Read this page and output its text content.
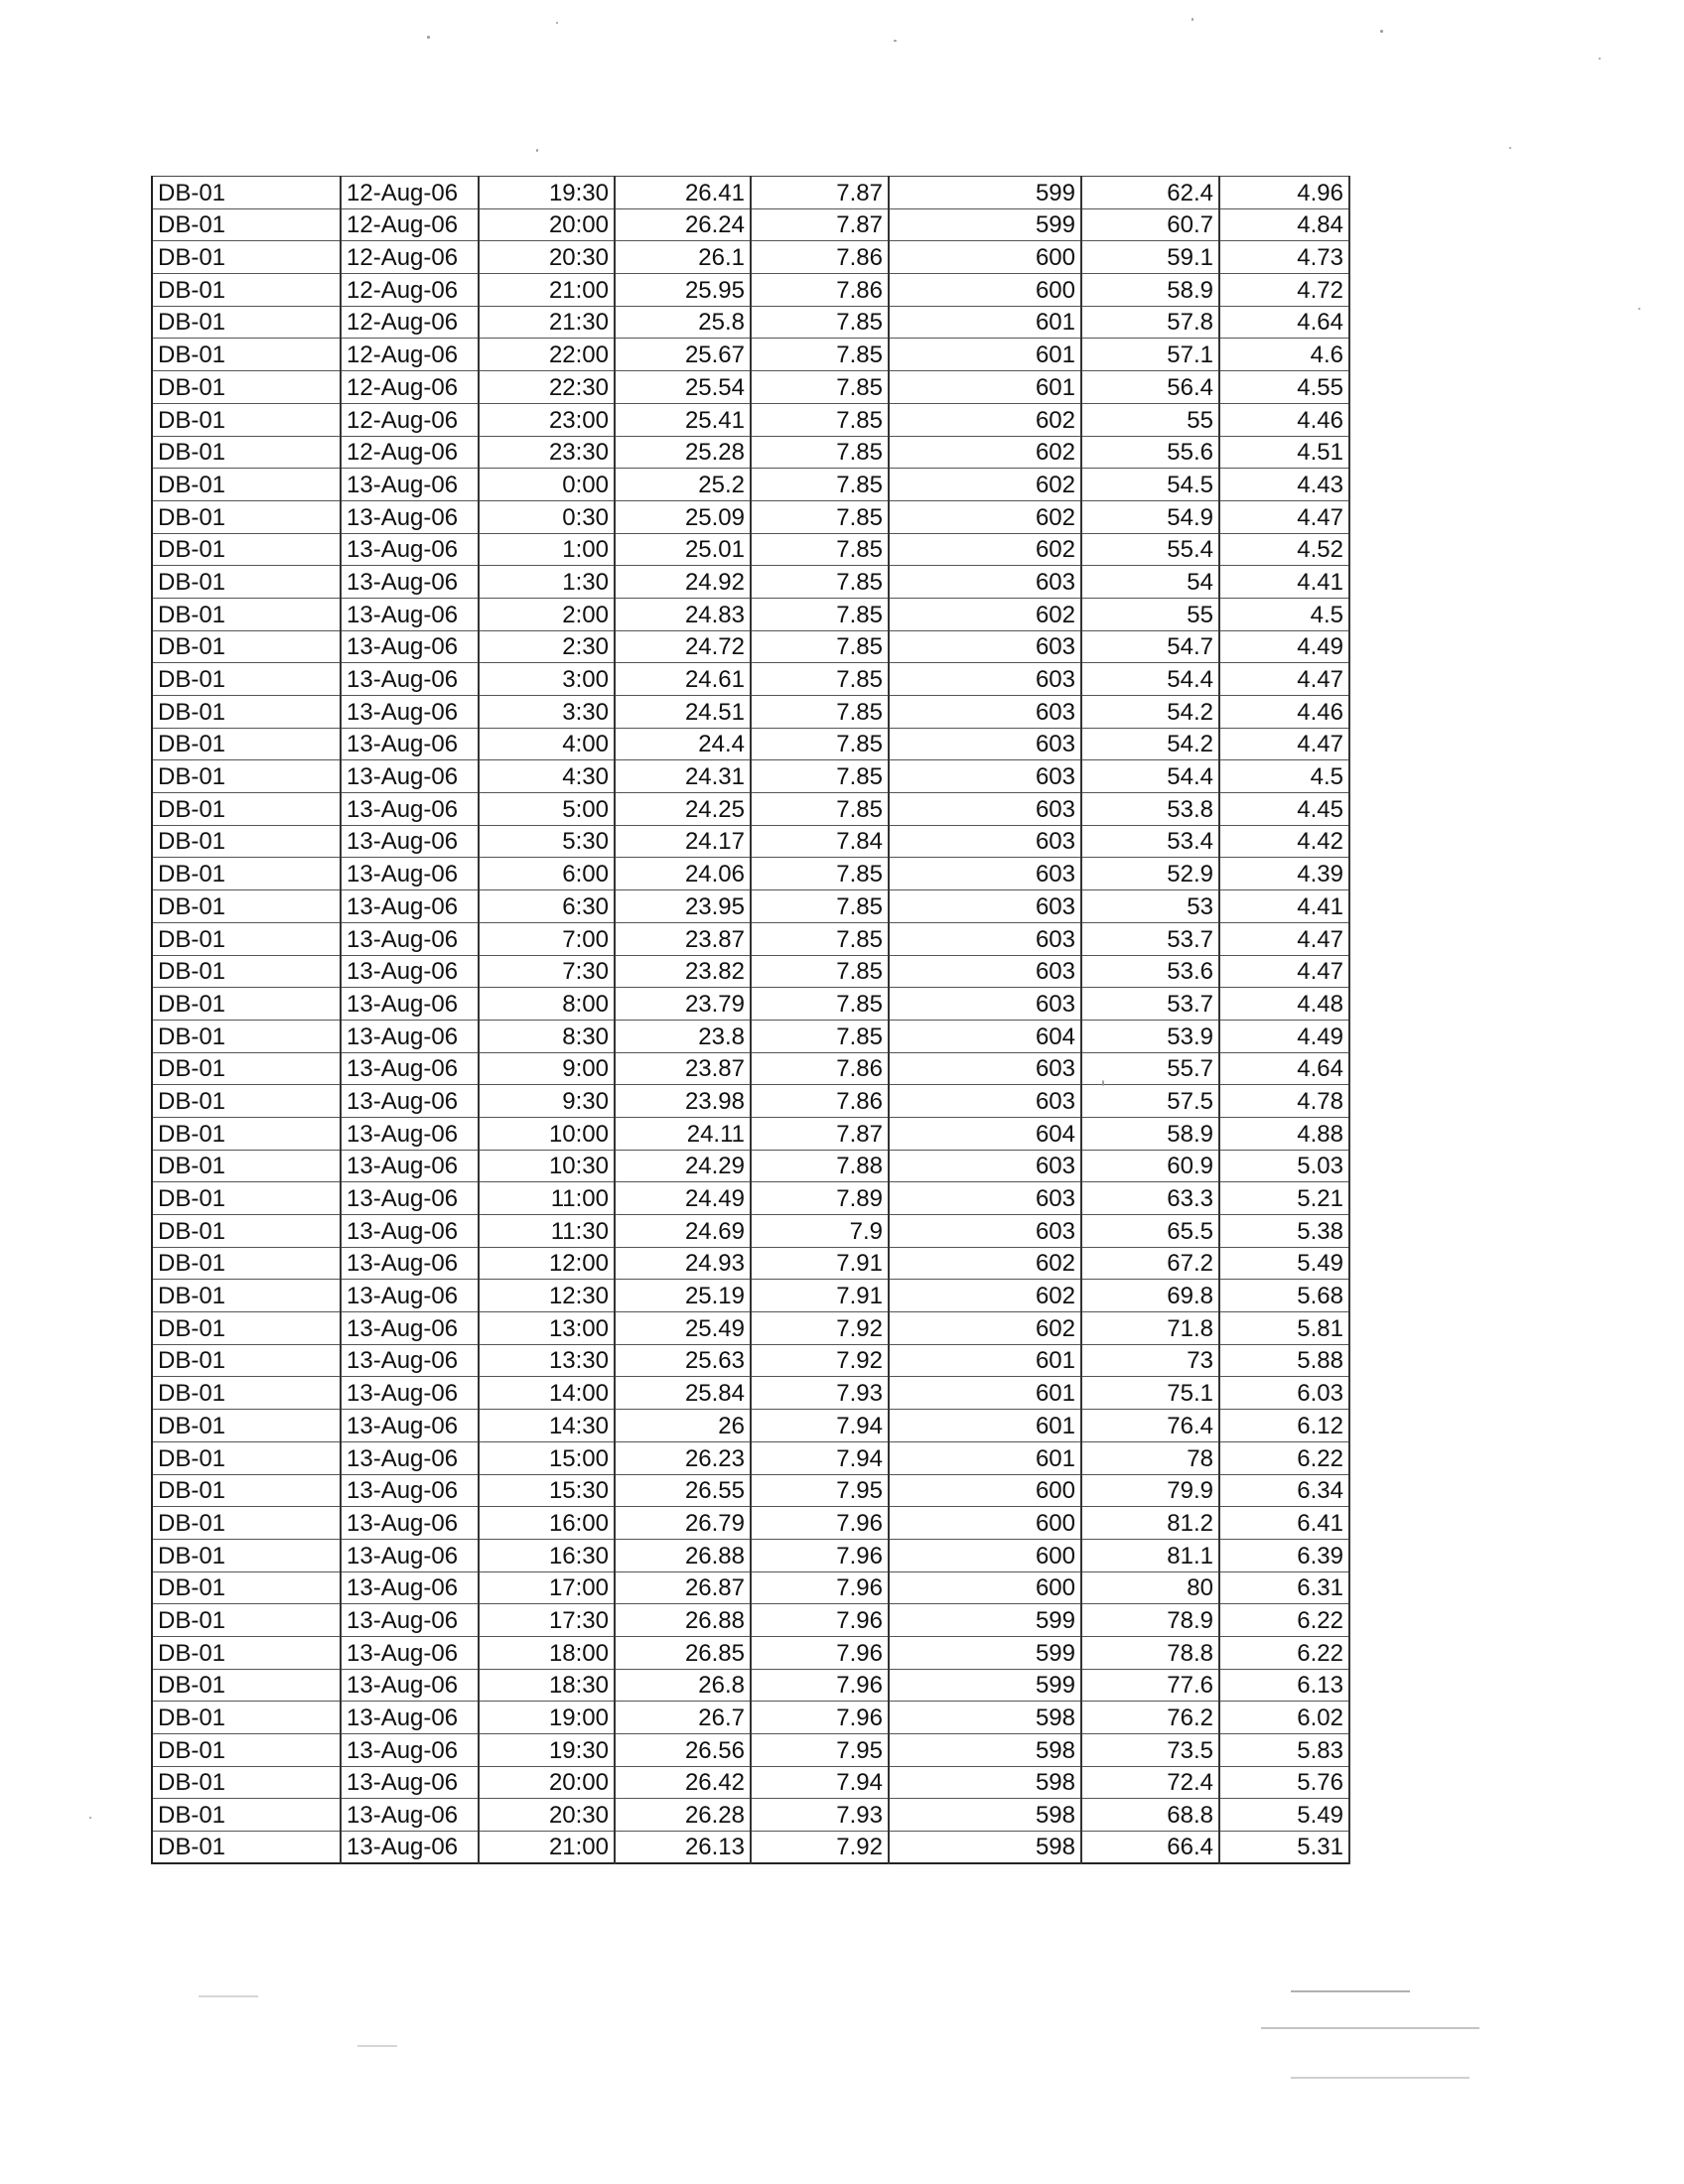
DB-01	12-Aug-06	19:30	26.41	7.87	599	62.4	4.96
DB-01	12-Aug-06	20:00	26.24	7.87	599	60.7	4.84
DB-01	12-Aug-06	20:30	26.1	7.86	600	59.1	4.73
DB-01	12-Aug-06	21:00	25.95	7.86	600	58.9	4.72
DB-01	12-Aug-06	21:30	25.8	7.85	601	57.8	4.64
DB-01	12-Aug-06	22:00	25.67	7.85	601	57.1	4.6
DB-01	12-Aug-06	22:30	25.54	7.85	601	56.4	4.55
DB-01	12-Aug-06	23:00	25.41	7.85	602	55	4.46
DB-01	12-Aug-06	23:30	25.28	7.85	602	55.6	4.51
DB-01	13-Aug-06	0:00	25.2	7.85	602	54.5	4.43
DB-01	13-Aug-06	0:30	25.09	7.85	602	54.9	4.47
DB-01	13-Aug-06	1:00	25.01	7.85	602	55.4	4.52
DB-01	13-Aug-06	1:30	24.92	7.85	603	54	4.41
DB-01	13-Aug-06	2:00	24.83	7.85	602	55	4.5
DB-01	13-Aug-06	2:30	24.72	7.85	603	54.7	4.49
DB-01	13-Aug-06	3:00	24.61	7.85	603	54.4	4.47
DB-01	13-Aug-06	3:30	24.51	7.85	603	54.2	4.46
DB-01	13-Aug-06	4:00	24.4	7.85	603	54.2	4.47
DB-01	13-Aug-06	4:30	24.31	7.85	603	54.4	4.5
DB-01	13-Aug-06	5:00	24.25	7.85	603	53.8	4.45
DB-01	13-Aug-06	5:30	24.17	7.84	603	53.4	4.42
DB-01	13-Aug-06	6:00	24.06	7.85	603	52.9	4.39
DB-01	13-Aug-06	6:30	23.95	7.85	603	53	4.41
DB-01	13-Aug-06	7:00	23.87	7.85	603	53.7	4.47
DB-01	13-Aug-06	7:30	23.82	7.85	603	53.6	4.47
DB-01	13-Aug-06	8:00	23.79	7.85	603	53.7	4.48
DB-01	13-Aug-06	8:30	23.8	7.85	604	53.9	4.49
DB-01	13-Aug-06	9:00	23.87	7.86	603	55.7	4.64
DB-01	13-Aug-06	9:30	23.98	7.86	603	57.5	4.78
DB-01	13-Aug-06	10:00	24.11	7.87	604	58.9	4.88
DB-01	13-Aug-06	10:30	24.29	7.88	603	60.9	5.03
DB-01	13-Aug-06	11:00	24.49	7.89	603	63.3	5.21
DB-01	13-Aug-06	11:30	24.69	7.9	603	65.5	5.38
DB-01	13-Aug-06	12:00	24.93	7.91	602	67.2	5.49
DB-01	13-Aug-06	12:30	25.19	7.91	602	69.8	5.68
DB-01	13-Aug-06	13:00	25.49	7.92	602	71.8	5.81
DB-01	13-Aug-06	13:30	25.63	7.92	601	73	5.88
DB-01	13-Aug-06	14:00	25.84	7.93	601	75.1	6.03
DB-01	13-Aug-06	14:30	26	7.94	601	76.4	6.12
DB-01	13-Aug-06	15:00	26.23	7.94	601	78	6.22
DB-01	13-Aug-06	15:30	26.55	7.95	600	79.9	6.34
DB-01	13-Aug-06	16:00	26.79	7.96	600	81.2	6.41
DB-01	13-Aug-06	16:30	26.88	7.96	600	81.1	6.39
DB-01	13-Aug-06	17:00	26.87	7.96	600	80	6.31
DB-01	13-Aug-06	17:30	26.88	7.96	599	78.9	6.22
DB-01	13-Aug-06	18:00	26.85	7.96	599	78.8	6.22
DB-01	13-Aug-06	18:30	26.8	7.96	599	77.6	6.13
DB-01	13-Aug-06	19:00	26.7	7.96	598	76.2	6.02
DB-01	13-Aug-06	19:30	26.56	7.95	598	73.5	5.83
DB-01	13-Aug-06	20:00	26.42	7.94	598	72.4	5.76
DB-01	13-Aug-06	20:30	26.28	7.93	598	68.8	5.49
DB-01	13-Aug-06	21:00	26.13	7.92	598	66.4	5.31
